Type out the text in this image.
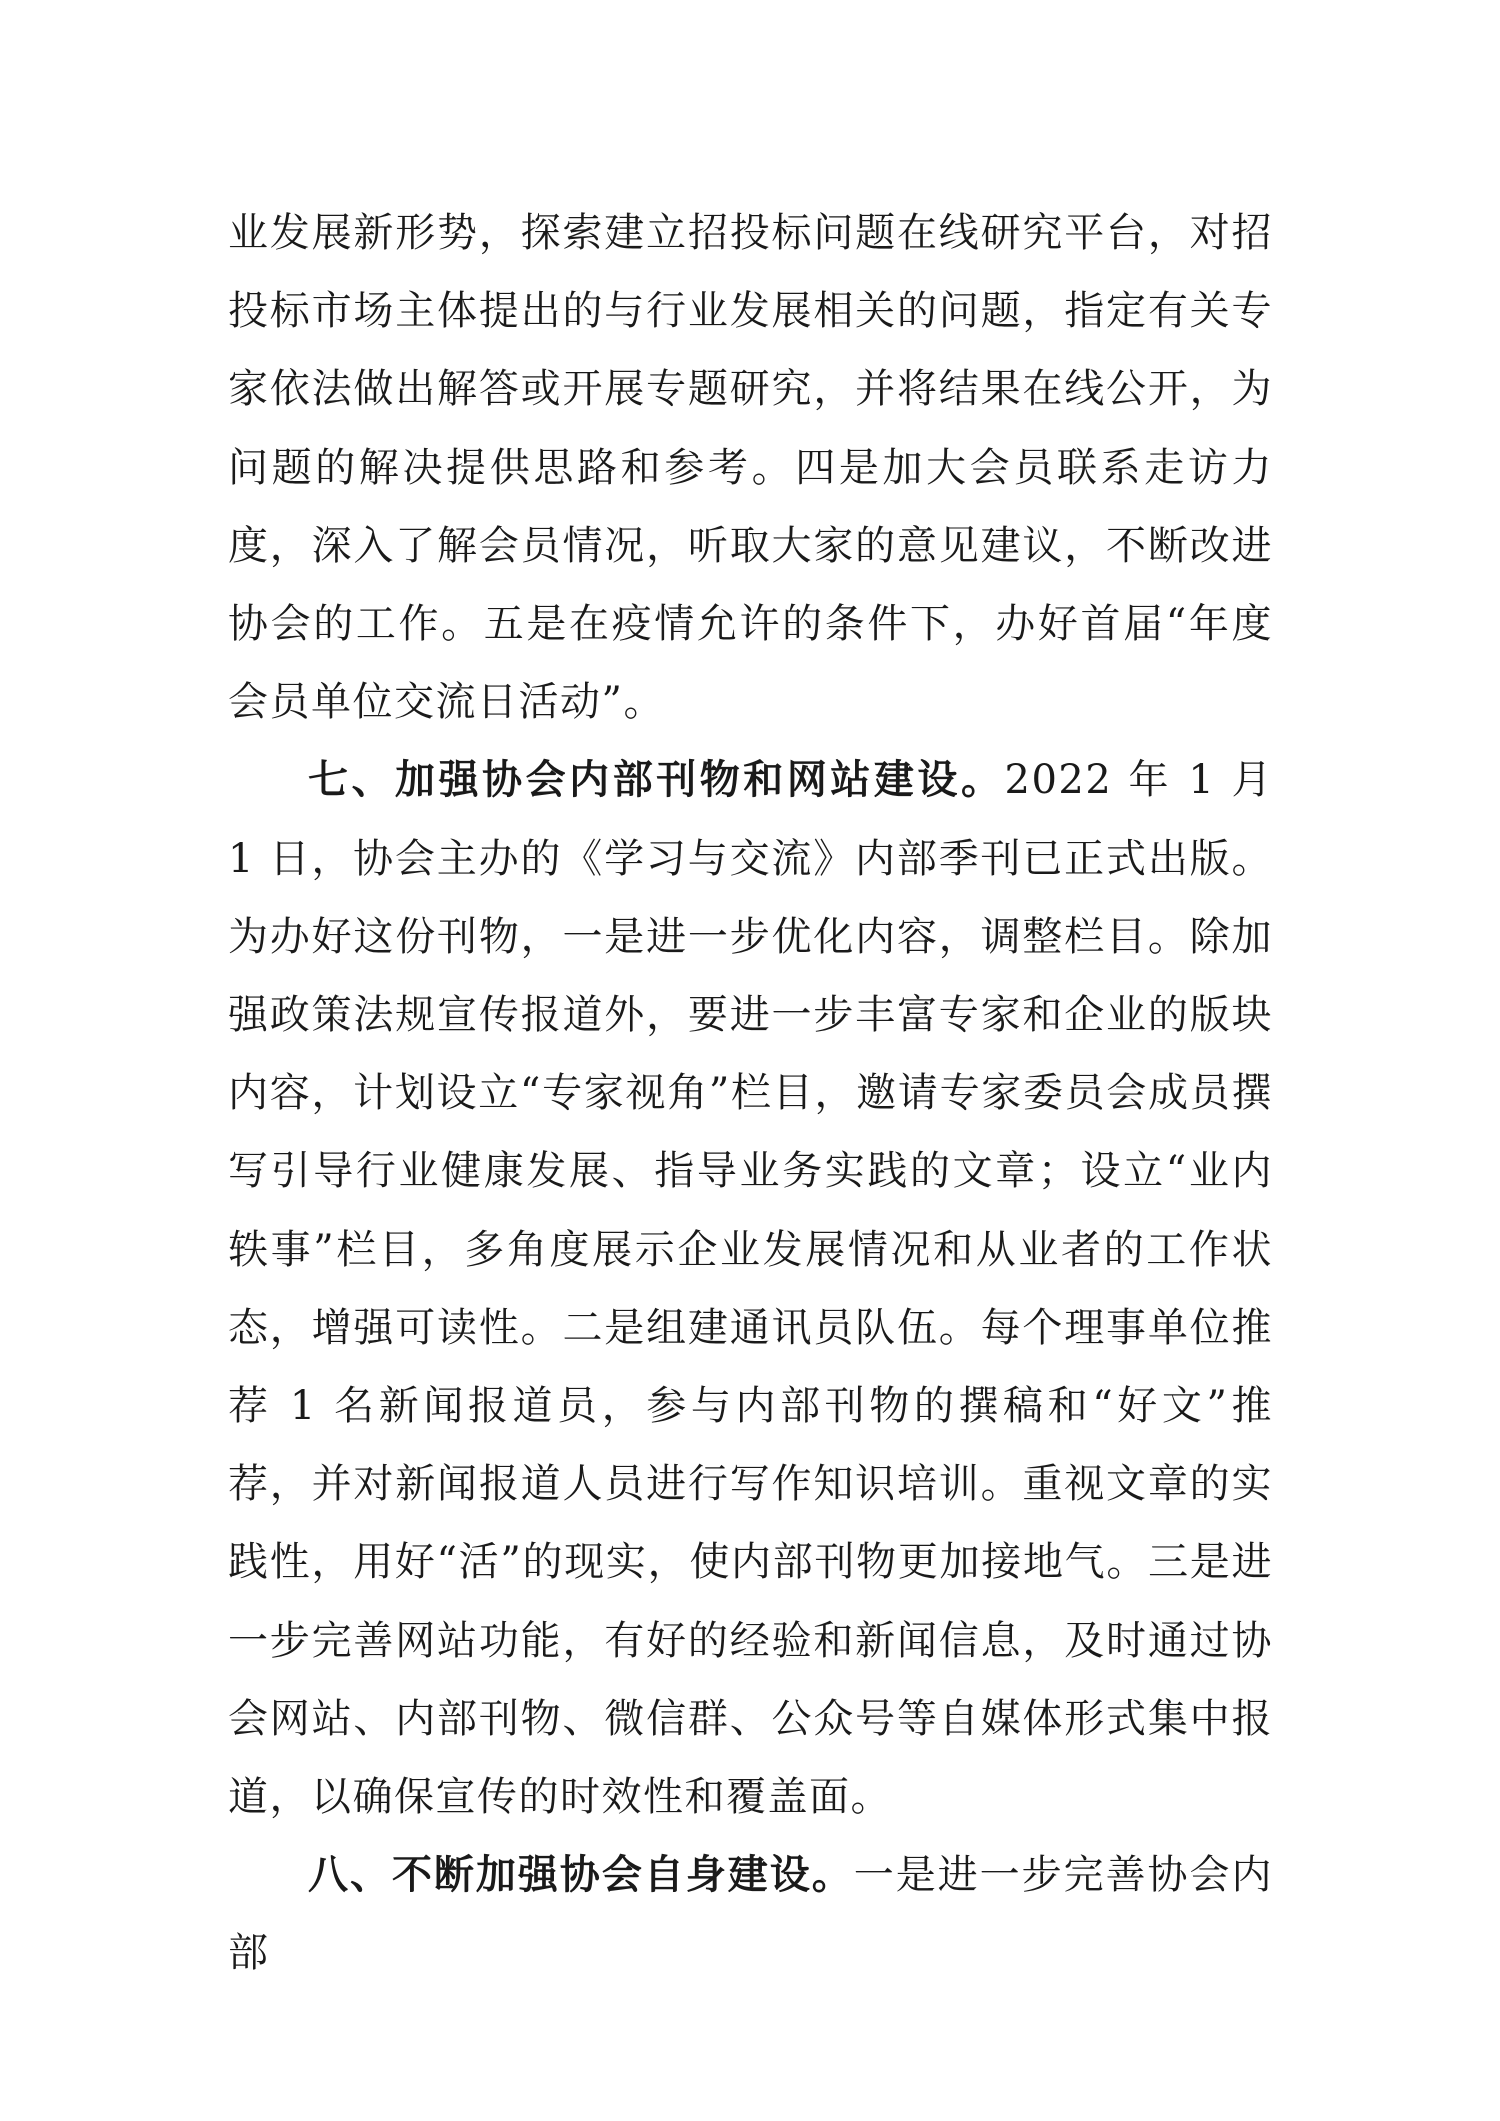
业发展新形势，探索建立招投标问题在线研究平台，对招投标市场主体提出的与行业发展相关的问题，指定有关专家依法做出解答或开展专题研究，并将结果在线公开，为问题的解决提供思路和参考。四是加大会员联系走访力度，深入了解会员情况，听取大家的意见建议，不断改进协会的工作。五是在疫情允许的条件下，办好首届“年度会员单位交流日活动”。

七、加强协会内部刊物和网站建设。2022 年 1 月 1 日，协会主办的《学习与交流》内部季刊已正式出版。为办好这份刊物，一是进一步优化内容，调整栏目。除加强政策法规宣传报道外，要进一步丰富专家和企业的版块内容，计划设立“专家视角”栏目，邀请专家委员会成员撰写引导行业健康发展、指导业务实践的文章；设立“业内轶事”栏目，多角度展示企业发展情况和从业者的工作状态，增强可读性。二是组建通讯员队伍。每个理事单位推荐 1 名新闻报道员，参与内部刊物的撰稿和“好文”推荐，并对新闻报道人员进行写作知识培训。重视文章的实践性，用好“活”的现实，使内部刊物更加接地气。三是进一步完善网站功能，有好的经验和新闻信息，及时通过协会网站、内部刊物、微信群、公众号等自媒体形式集中报道，以确保宣传的时效性和覆盖面。

八、不断加强协会自身建设。一是进一步完善协会内部
